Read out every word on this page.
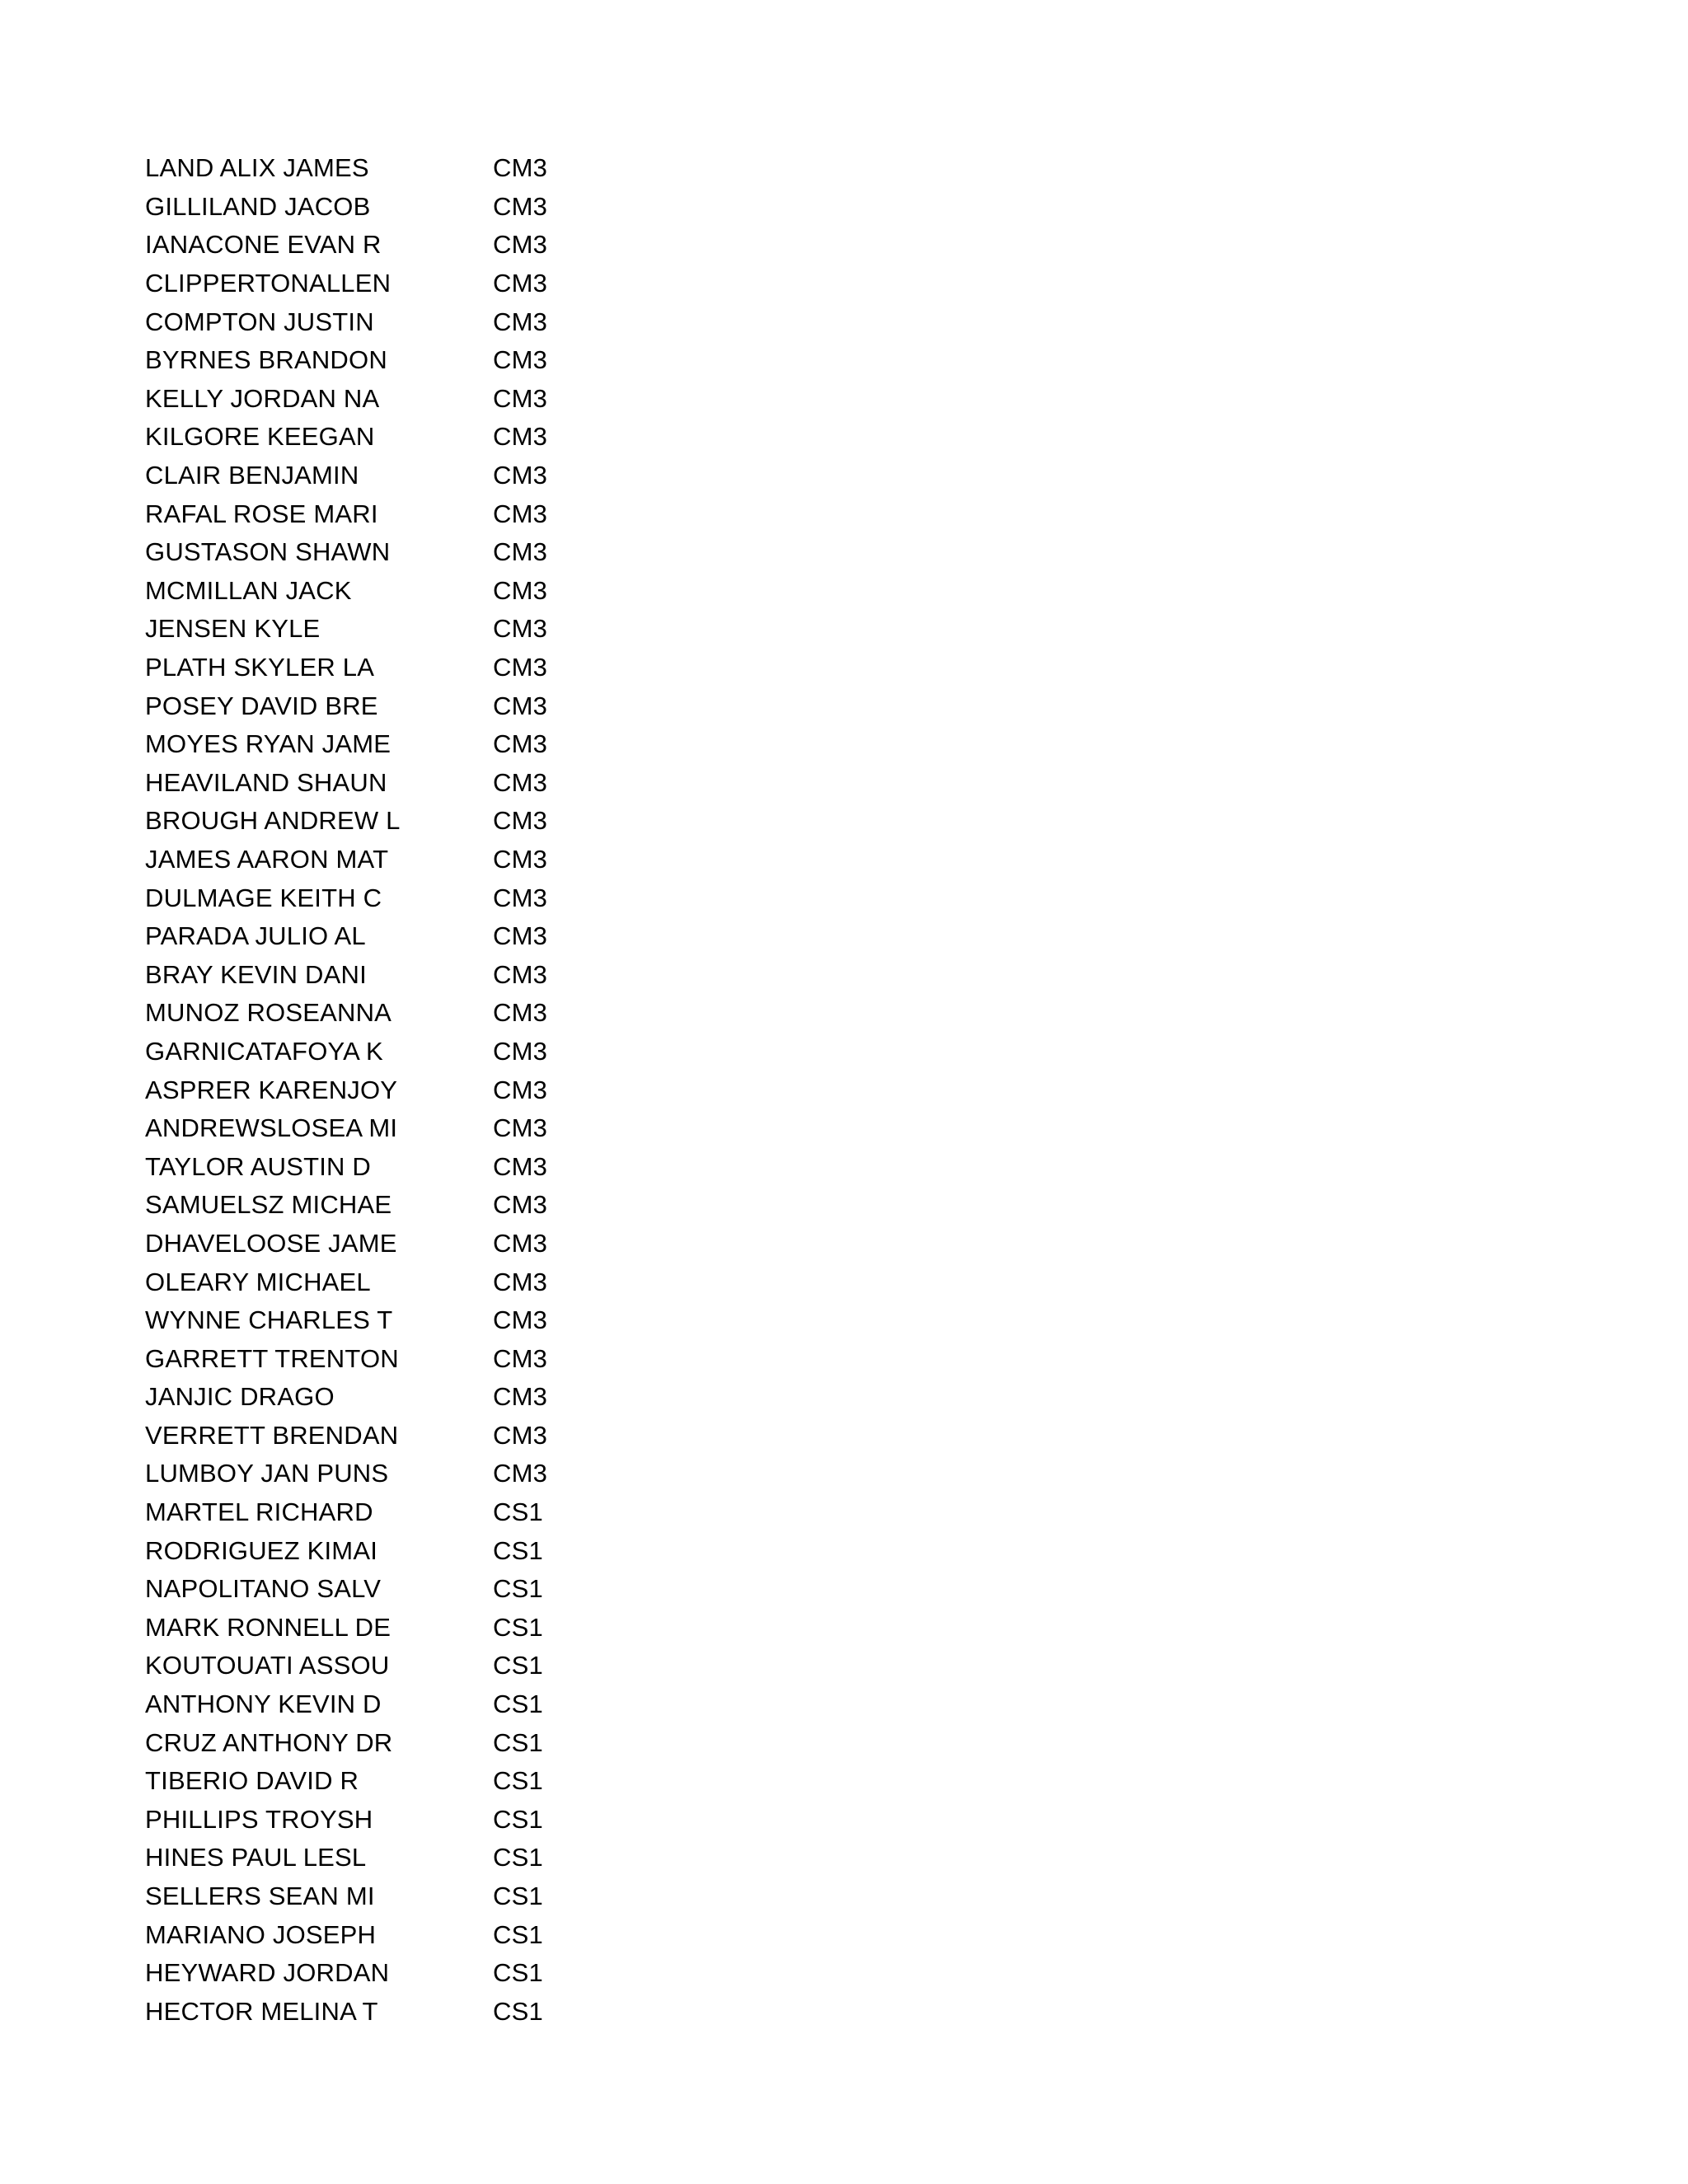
LAND ALIX JAMES	CM3
GILLILAND JACOB	CM3
IANACONE EVAN R	CM3
CLIPPERTONALLEN	CM3
COMPTON JUSTIN	CM3
BYRNES BRANDON	CM3
KELLY JORDAN NA	CM3
KILGORE KEEGAN	CM3
CLAIR BENJAMIN	CM3
RAFAL ROSE MARI	CM3
GUSTASON SHAWN	CM3
MCMILLAN JACK	CM3
JENSEN KYLE	CM3
PLATH SKYLER LA	CM3
POSEY DAVID BRE	CM3
MOYES RYAN JAME	CM3
HEAVILAND SHAUN	CM3
BROUGH ANDREW L	CM3
JAMES AARON MAT	CM3
DULMAGE KEITH C	CM3
PARADA JULIO AL	CM3
BRAY KEVIN DANI	CM3
MUNOZ ROSEANNA	CM3
GARNICATAFOYA K	CM3
ASPRER KARENJOY	CM3
ANDREWSLOSEA MI	CM3
TAYLOR AUSTIN D	CM3
SAMUELSZ MICHAE	CM3
DHAVELOOSE JAME	CM3
OLEARY MICHAEL	CM3
WYNNE CHARLES T	CM3
GARRETT TRENTON	CM3
JANJIC DRAGO	CM3
VERRETT BRENDAN	CM3
LUMBOY JAN PUNS	CM3
MARTEL RICHARD	CS1
RODRIGUEZ KIMAI	CS1
NAPOLITANO SALV	CS1
MARK RONNELL DE	CS1
KOUTOUATI ASSOU	CS1
ANTHONY KEVIN D	CS1
CRUZ ANTHONY DR	CS1
TIBERIO DAVID R	CS1
PHILLIPS TROYSH	CS1
HINES PAUL LESL	CS1
SELLERS SEAN MI	CS1
MARIANO JOSEPH	CS1
HEYWARD JORDAN	CS1
HECTOR MELINA T	CS1
